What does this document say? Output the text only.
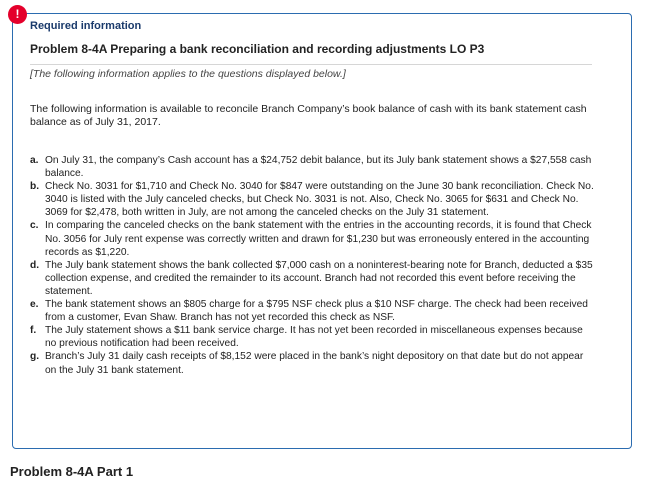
!
Required information
Problem 8-4A Preparing a bank reconciliation and recording adjustments LO P3
[The following information applies to the questions displayed below.]
The following information is available to reconcile Branch Company’s book balance of cash with its bank statement cash balance as of July 31, 2017.
a. On July 31, the company’s Cash account has a $24,752 debit balance, but its July bank statement shows a $27,558 cash balance.
b. Check No. 3031 for $1,710 and Check No. 3040 for $847 were outstanding on the June 30 bank reconciliation. Check No. 3040 is listed with the July canceled checks, but Check No. 3031 is not. Also, Check No. 3065 for $631 and Check No. 3069 for $2,478, both written in July, are not among the canceled checks on the July 31 statement.
c. In comparing the canceled checks on the bank statement with the entries in the accounting records, it is found that Check No. 3056 for July rent expense was correctly written and drawn for $1,230 but was erroneously entered in the accounting records as $1,220.
d. The July bank statement shows the bank collected $7,000 cash on a noninterest-bearing note for Branch, deducted a $35 collection expense, and credited the remainder to its account. Branch had not recorded this event before receiving the statement.
e. The bank statement shows an $805 charge for a $795 NSF check plus a $10 NSF charge. The check had been received from a customer, Evan Shaw. Branch has not yet recorded this check as NSF.
f. The July statement shows a $11 bank service charge. It has not yet been recorded in miscellaneous expenses because no previous notification had been received.
g. Branch’s July 31 daily cash receipts of $8,152 were placed in the bank’s night depository on that date but do not appear on the July 31 bank statement.
Problem 8-4A Part 1
